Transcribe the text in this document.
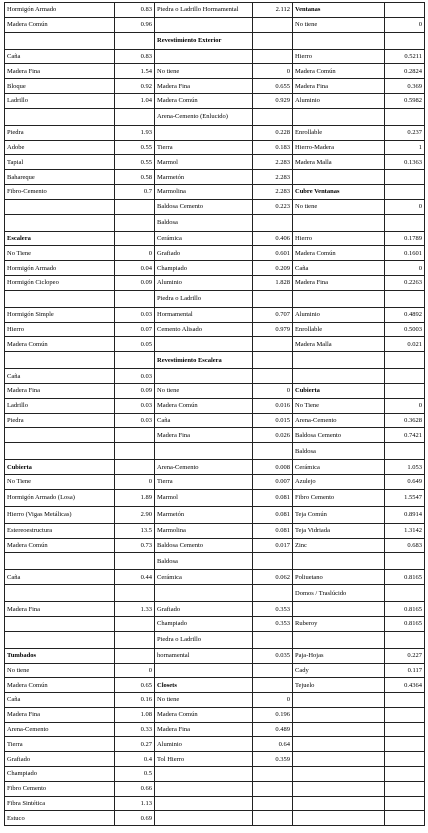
Hormigón Armado	0.83	Piedra o Ladrillo Hormamental	2.112	Ventanas	
Madera Común	0.96			No tiene	0
		Revestimiento Exterior			
Caña	0.83			Hierro	0.5211
Madera Fina	1.54	No tiene	0	Madera Común	0.2824
Bloque	0.92	Madera Fina	0.655	Madera Fina	0.369
Ladrillo	1.04	Madera Común	0.929	Aluminio	0.5982
		Arena-Cemento (Enlucido)			
Piedra	1.93		0.228	Enrollable	0.237
Adobe	0.55	Tierra	0.183	Hierro-Madera	1
Tapial	0.55	Marmol	2.283	Madera Malla	0.1363
Bahareque	0.58	Marmetón	2.283		
Fibro-Cemento	0.7	Marmolina	2.283	Cubre Ventanas	
		Baldosa Cemento	0.223	No tiene	0
		Baldosa			
Escalera		Cerámica	0.406	Hierro	0.1789
No Tiene	0	Grafiado	0.601	Madera Común	0.1601
Hormigón Armado	0.04	Champiado	0.209	Caña	0
Hormigón Ciclopeo	0.09	Aluminio	1.828	Madera Fina	0.2263
		Piedra o Ladrillo			
Hormigón Simple	0.03	Hormamental	0.707	Aluminio	0.4892
Hierro	0.07	Cemento Alisado	0.979	Enrollable	0.5003
Madera Común	0.05			Madera Malla	0.021
		Revestimiento Escalera			
Caña	0.03				
Madera Fina	0.09	No tiene	0	Cubierta	
Ladrillo	0.03	Madera Común	0.016	No Tiene	0
Piedra	0.03	Caña	0.015	Arena-Cemento	0.3628
		Madera Fina	0.026	Baldosa Cemento	0.7421
				Baldosa	
Cubierta		Arena-Cemento	0.008	Cerámica	1.053
No Tiene	0	Tierra	0.007	Azulejo	0.649
Hormigón Armado (Losa)	1.89	Marmol	0.081	Fibro Cemento	1.5547
Hierro (Vigas Metálicas)	2.90	Marmetón	0.081	Teja Común	0.8914
Estereoestructura	13.5	Marmolina	0.081	Teja Vidriada	1.3142
Madera Común	0.73	Baldosa Cemento	0.017	Zinc	0.683
		Baldosa			
Caña	0.44	Cerámica	0.062	Poliuetano	0.8165
				Domos / Traslúcido	
Madera Fina	1.33	Grafiado	0.353		0.8165
		Champiado	0.353	Ruberoy	0.8165
		Piedra o Ladrillo			
Tumbados		hornamental	0.035	Paja-Hojas	0.227
No tiene	0			Cady	0.117
Madera Común	0.65	Closets		Tejuelo	0.4364
Caña	0.16	No tiene	0		
Madera Fina	1.08	Madera Común	0.196		
Arena-Cemento	0.33	Madera Fina	0.489		
Tierra	0.27	Aluminio	0.64		
Grafiado	0.4	Tol Hierro	0.359		
Champiado	0.5				
Fibro Cemento	0.66				
Fibra Sintética	1.13				
Estuco	0.69				
